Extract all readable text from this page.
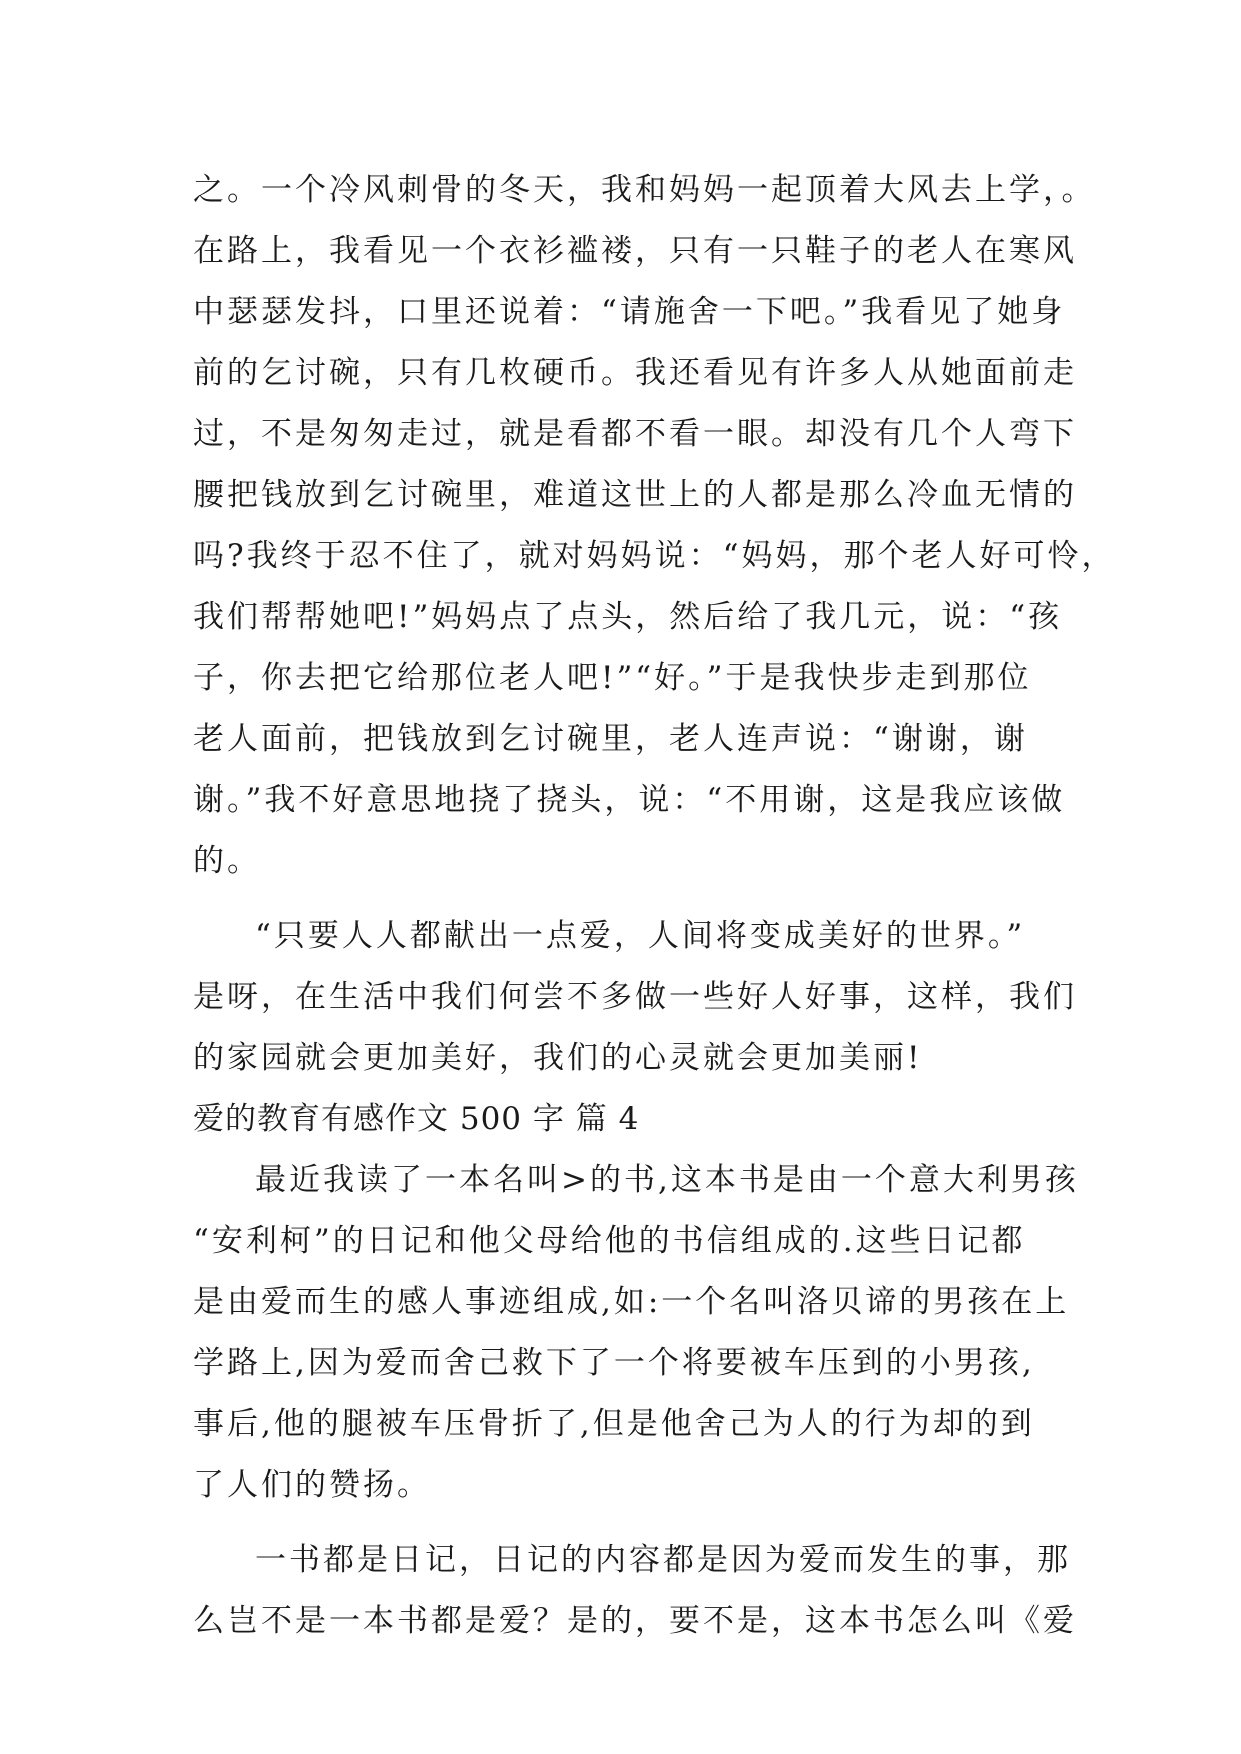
之。一个冷风刺骨的冬天，我和妈妈一起顶着大风去上学，。
在路上，我看见一个衣衫褴褛，只有一只鞋子的老人在寒风
中瑟瑟发抖，口里还说着：“请施舍一下吧。”我看见了她身
前的乞讨碗，只有几枚硬币。我还看见有许多人从她面前走
过，不是匆匆走过，就是看都不看一眼。却没有几个人弯下
腰把钱放到乞讨碗里，难道这世上的人都是那么冷血无情的
吗?我终于忍不住了，就对妈妈说：“妈妈，那个老人好可怜，
我们帮帮她吧!”妈妈点了点头，然后给了我几元，说：“孩
子，你去把它给那位老人吧!”“好。”于是我快步走到那位
老人面前，把钱放到乞讨碗里，老人连声说：“谢谢，谢
谢。”我不好意思地挠了挠头，说：“不用谢，这是我应该做
的。
“只要人人都献出一点爱，人间将变成美好的世界。”
是呀，在生活中我们何尝不多做一些好人好事，这样，我们
的家园就会更加美好，我们的心灵就会更加美丽!
爱的教育有感作文 500 字 篇 4
最近我读了一本名叫>的书,这本书是由一个意大利男孩
“安利柯”的日记和他父母给他的书信组成的.这些日记都
是由爱而生的感人事迹组成,如:一个名叫洛贝谛的男孩在上
学路上,因为爱而舍己救下了一个将要被车压到的小男孩,
事后,他的腿被车压骨折了,但是他舍己为人的行为却的到
了人们的赞扬。
一书都是日记，日记的内容都是因为爱而发生的事，那
么岂不是一本书都是爱？是的，要不是，这本书怎么叫《爱
